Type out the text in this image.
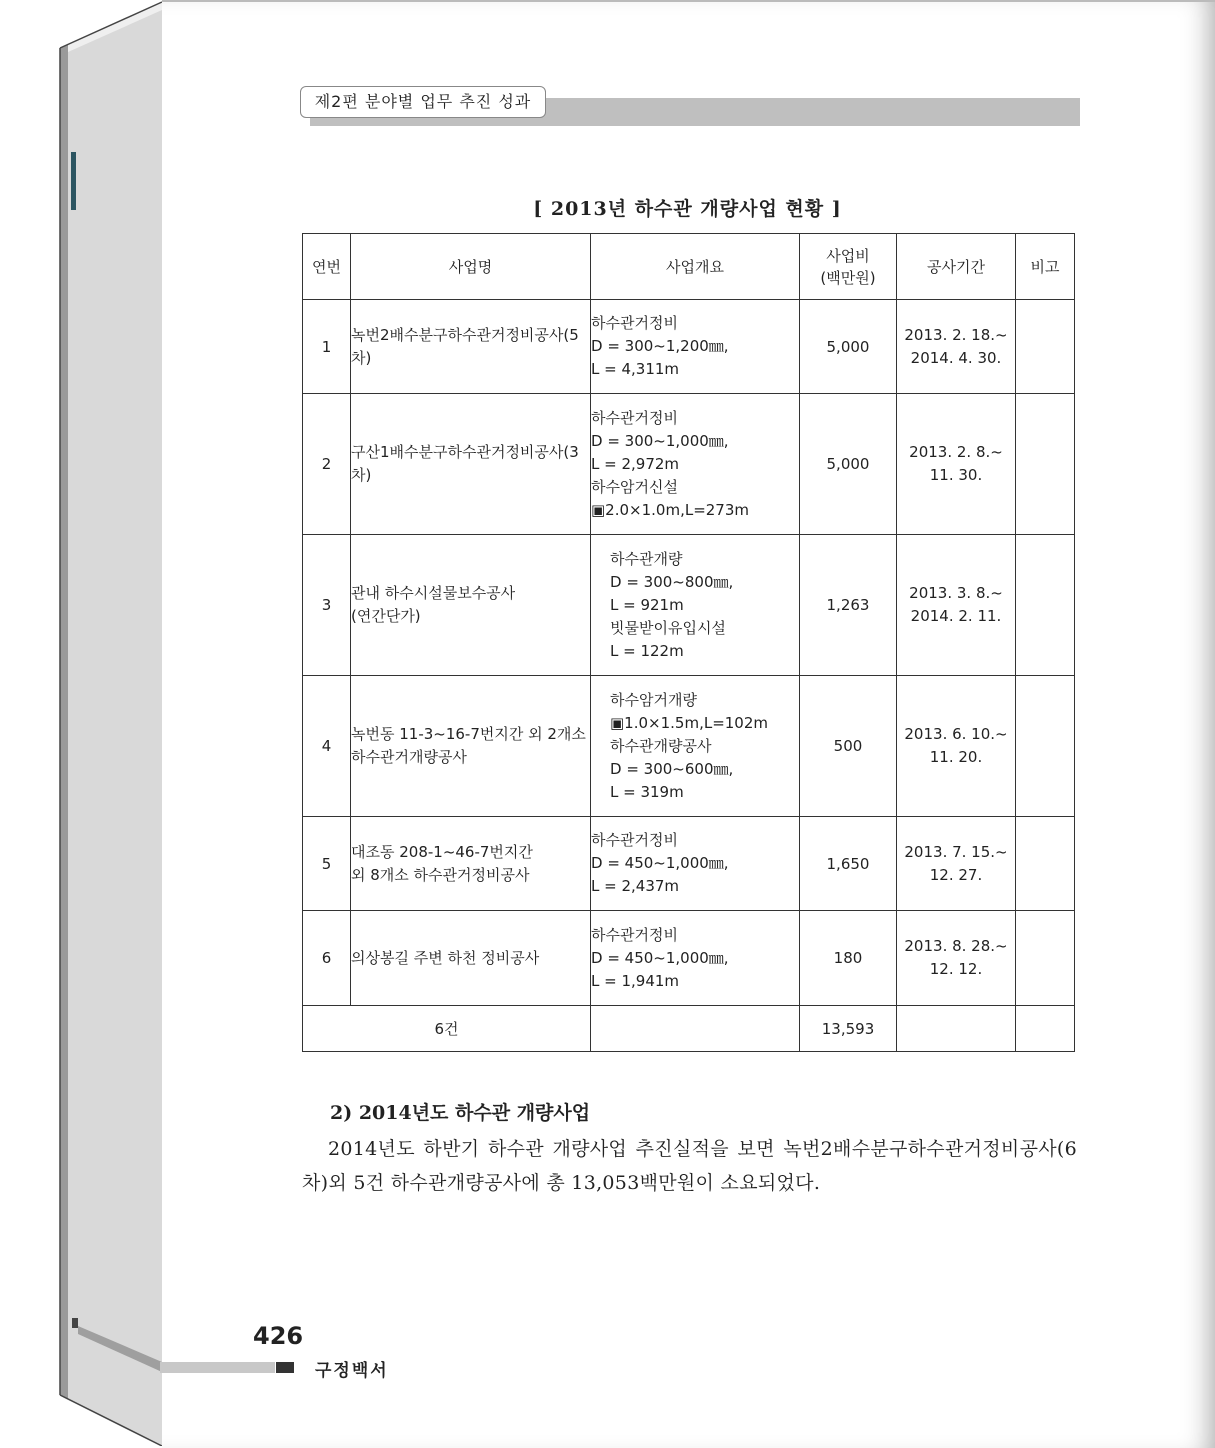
제2편 분야별 업무 추진 성과
[ 2013년 하수관 개량사업 현황 ]
연번	사업명	사업개요	사업비
(백만원)	공사기간	비고
1	녹번2배수분구하수관거정비공사(5차)	하수관거정비
D = 300~1,200㎜,
L = 4,311m	5,000	2013. 2. 18.~
2014. 4. 30.	
2	구산1배수분구하수관거정비공사(3차)	하수관거정비
D = 300~1,000㎜,
L = 2,972m
하수암거신설
▣2.0×1.0m,L=273m	5,000	2013. 2. 8.~
11. 30.	
3	관내 하수시설물보수공사
(연간단가)	하수관개량
D = 300~800㎜,
L = 921m
빗물받이유입시설
L = 122m	1,263	2013. 3. 8.~
2014. 2. 11.	
4	녹번동 11-3~16-7번지간 외 2개소 하수관거개량공사	하수암거개량
▣1.0×1.5m,L=102m
하수관개량공사
D = 300~600㎜,
L = 319m	500	2013. 6. 10.~
11. 20.	
5	대조동 208-1~46-7번지간
외 8개소 하수관거정비공사	하수관거정비
D = 450~1,000㎜,
L = 2,437m	1,650	2013. 7. 15.~
12. 27.	
6	의상봉길 주변 하천 정비공사	하수관거정비
D = 450~1,000㎜,
L = 1,941m	180	2013. 8. 28.~
12. 12.	
6건			13,593		
2) 2014년도 하수관 개량사업
2014년도 하반기 하수관 개량사업 추진실적을 보면 녹번2배수분구하수관거정비공사(6차)외 5건 하수관개량공사에 총 13,053백만원이 소요되었다.
426
구정백서
